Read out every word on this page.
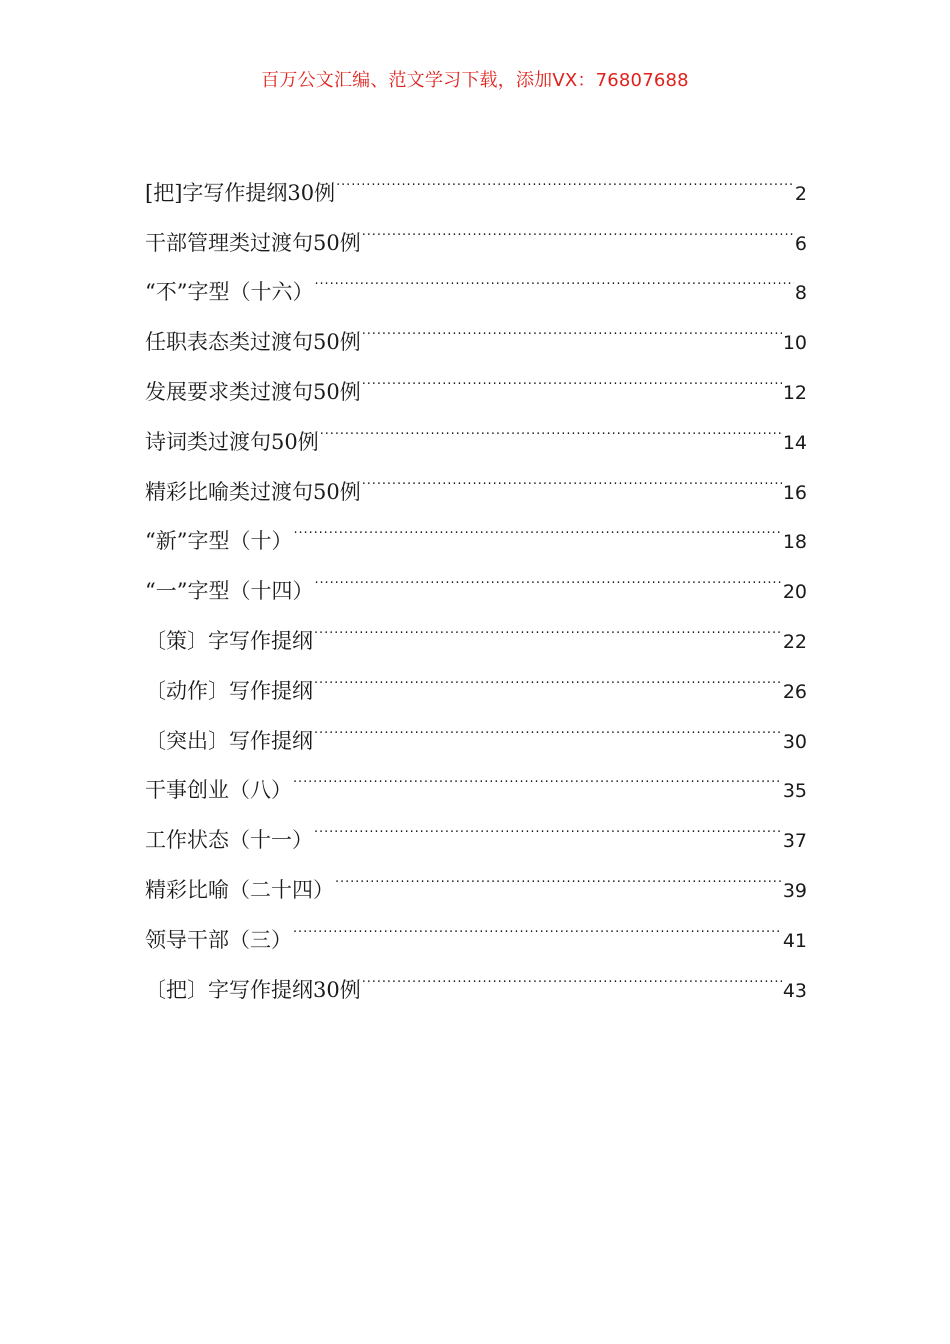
百万公文汇编、范文学习下载，添加VX：76807688
[把]字写作提纲30例 .....	2
干部管理类过渡句50例 .....	6
“不”字型（十六） .....	8
任职表态类过渡句50例 .....	10
发展要求类过渡句50例 .....	12
诗词类过渡句50例 .....	14
精彩比喻类过渡句50例 .....	16
“新”字型（十） .....	18
“一”字型（十四） .....	20
〔策〕字写作提纲 .....	22
〔动作〕写作提纲 .....	26
〔突出〕写作提纲 .....	30
干事创业（八） .....	35
工作状态（十一） .....	37
精彩比喻（二十四） .....	39
领导干部（三） .....	41
〔把〕字写作提纲30例 .....	43
